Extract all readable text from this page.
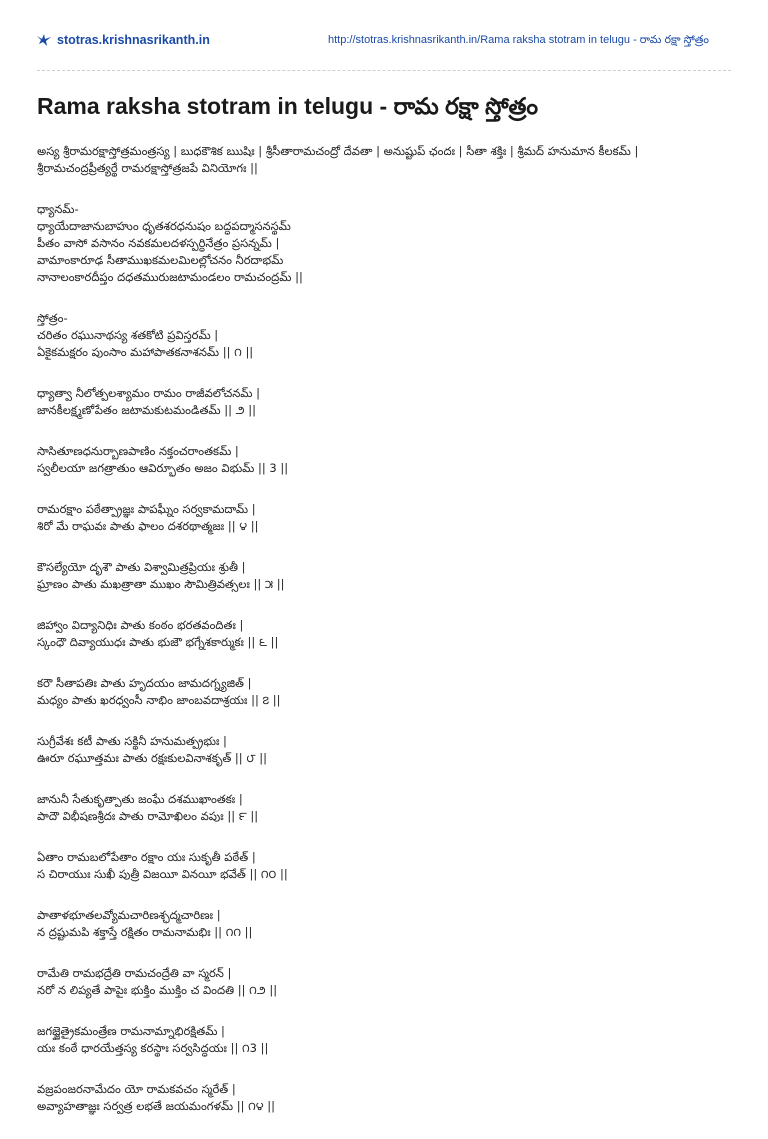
stotras.krishnasrikanth.in	http://stotras.krishnasrikanth.in/Rama raksha stotram in telugu - రామ రక్షా స్తోత్రం
Rama raksha stotram in telugu - రామ రక్షా స్తోత్రం
అస్య శ్రీరామరక్షాస్తోత్రమంత్రస్య | బుధకౌశిక ఋషిః | శ్రీసీతారామచంద్రో దేవతా | అనుష్టుప్ ఛందః | సీతా శక్తిః | శ్రీమద్ హనుమాన కీలకమ్ |
శ్రీరామచంద్రప్రీత్యర్థే రామరక్షాస్తోత్రజపే వినియోగః ||
ధ్యానమ్-
ధ్యాయేదాజానుబాహుం ధృతశరధనుషం బద్ధపద్మాసనస్థమ్
పీతం వాసో వసానం నవకమలదళస్పర్ధినేత్రం ప్రసన్నమ్ |
వామాంకారూఢ సీతాముఖకమలమిలల్లోచనం నీరదాభమ్
నానాలంకారదీప్తం దధతమురుజటామండలం రామచంద్రమ్ ||
స్తోత్రం-
చరితం రఘునాథస్య శతకోటి ప్రవిస్తరమ్ |
ఏకైకమక్షరం పుంసాం మహాపాతకనాశనమ్ || ౧ ||
ధ్యాత్వా నీలోత్పలశ్యామం రామం రాజీవలోచనమ్ |
జానకీలక్ష్మణోపేతం జటామకుటమండితమ్ || ౨ ||
సాసితూణధనుర్బాణపాణిం నక్తంచరాంతకమ్ |
స్వలీలయా జగత్రాతుం ఆవిర్భూతం అజం విభుమ్ || 3 ||
రామరక్షాం పఠేత్ప్రాజ్ఞః పాపఘ్నీం సర్వకామదామ్ |
శిరో మే రాఘవః పాతు ఫాలం దశరథాత్మజః || ౪ ||
కౌసల్యేయో దృశౌ పాతు విశ్వామిత్రప్రియః శ్రుతీ |
ఘ్రాణం పాతు మఖత్రాతా ముఖం సౌమిత్రివత్సలః || ౫ ||
జిహ్వాం విద్యానిధిః పాతు కంఠం భరతవందితః |
స్కంధౌ దివ్యాయుధః పాతు భుజౌ భగ్నేశకార్ముకః || ౬ ||
కరౌ సీతాపతిః పాతు హృదయం జామదగ్న్యజిత్ |
మధ్యం పాతు ఖరధ్వంసీ నాభిం జాంబవదాశ్రయః || ౭ ||
సుగ్రీవేశః కటీ పాతు సక్థినీ హనుమత్ప్రభుః |
ఊరూ రఘూత్తమః పాతు రక్షఃకులవినాశకృత్ || ౮ ||
జానునీ సేతుకృత్పాతు జంఘే దశముఖాంతకః |
పాదౌ విభీషణశ్రీదః పాతు రామోఖిలం వపుః || ౯ ||
ఏతాం రామబలోపేతాం రక్షాం యః సుకృతీ పఠేత్ |
స చిరాయుః సుఖీ పుత్రీ విజయీ వినయీ భవేత్ || ౧౦ ||
పాతాళభూతలవ్యోమచారిణశ్ఛద్మచారిణః |
న ద్రష్టుమపి శక్తాస్తే రక్షితం రామనామభిః || ౧౧ ||
రామేతి రామభద్రేతి రామచంద్రేతి వా స్మరన్ |
నరో న లిప్యతే పాపైః భుక్తిం ముక్తిం చ విందతి || ౧౨ ||
జగజ్జైత్రైకమంత్రేణ రామనామ్నాభిరక్షితమ్ |
యః కంఠే ధారయేత్తస్య కరస్థాః సర్వసిద్ధయః || ౧3 ||
వజ్రపంజరనామేదం యో రామకవచం స్మరేత్ |
అవ్యాహతాజ్ఞః సర్వత్ర లభతే జయమంగళమ్ || ౧౪ ||
